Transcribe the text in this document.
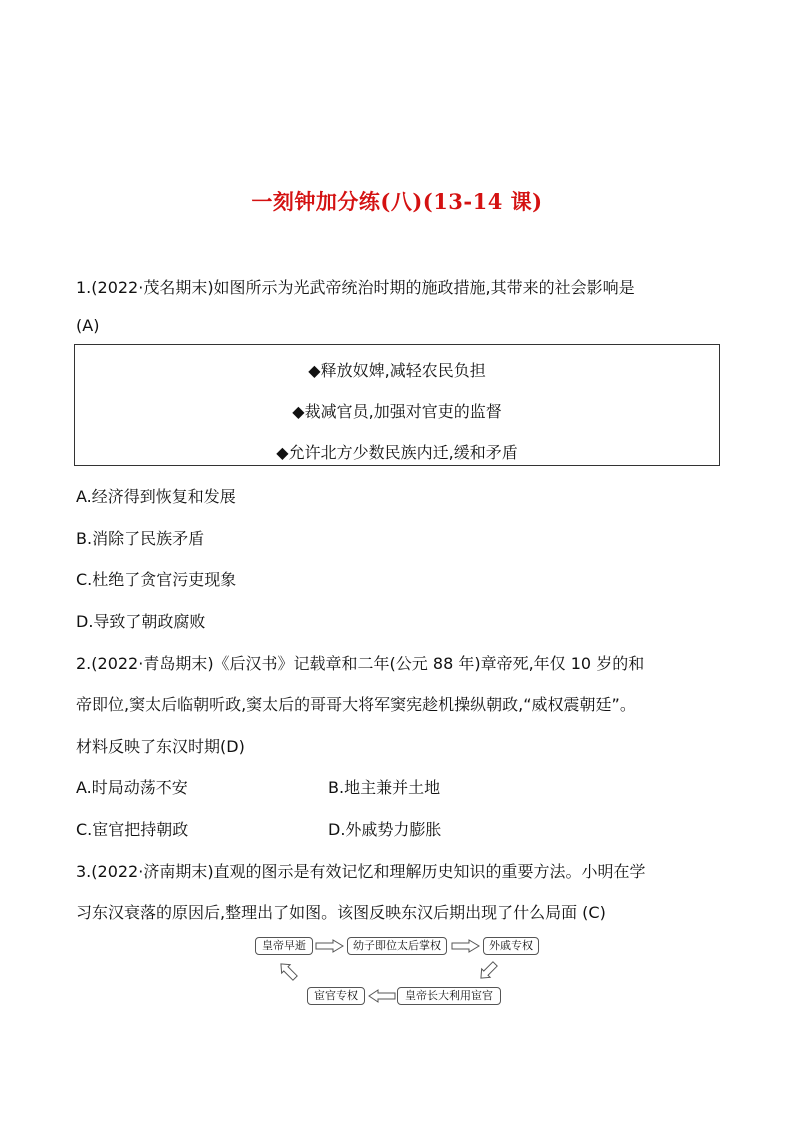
一刻钟加分练(八)(13-14 课)
1.(2022·茂名期末)如图所示为光武帝统治时期的施政措施,其带来的社会影响是
(A)
◆释放奴婢,减轻农民负担
◆裁减官员,加强对官吏的监督
◆允许北方少数民族内迁,缓和矛盾
A.经济得到恢复和发展
B.消除了民族矛盾
C.杜绝了贪官污吏现象
D.导致了朝政腐败
2.(2022·青岛期末)《后汉书》记载章和二年(公元 88 年)章帝死,年仅 10 岁的和
帝即位,窦太后临朝听政,窦太后的哥哥大将军窦宪趁机操纵朝政,“威权震朝廷”。
材料反映了东汉时期(D)
A.时局动荡不安	B.地主兼并土地
C.宦官把持朝政	D.外戚势力膨胀
3.(2022·济南期末)直观的图示是有效记忆和理解历史知识的重要方法。小明在学
习东汉衰落的原因后,整理出了如图。该图反映东汉后期出现了什么局面 (C)
皇帝早逝	幼子即位太后掌权	外戚专权
皇帝长大利用宦官
宦官专权
